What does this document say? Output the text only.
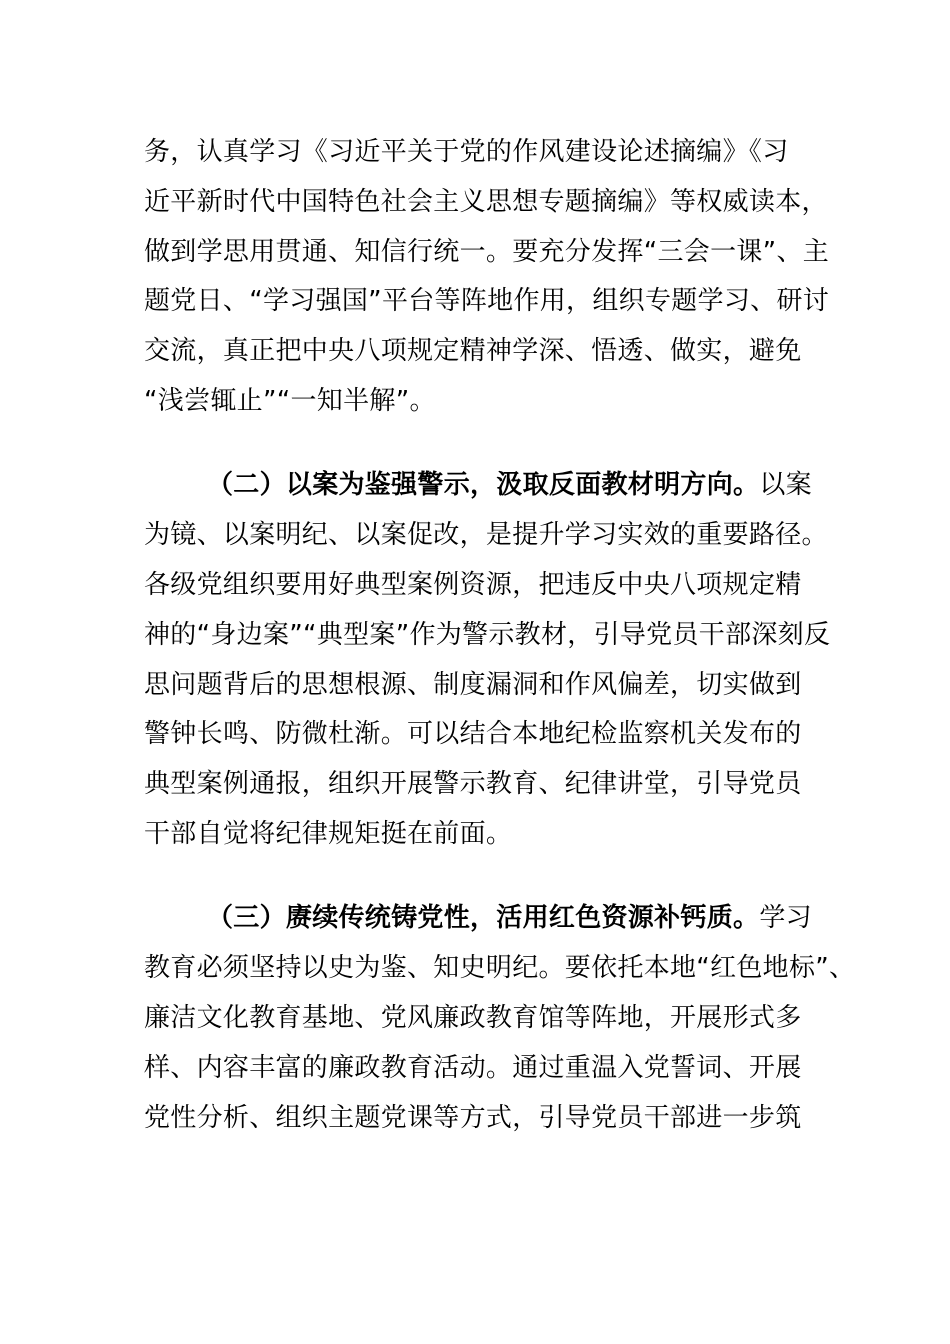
务，认真学习《习近平关于党的作风建设论述摘编》《习
近平新时代中国特色社会主义思想专题摘编》等权威读本，
做到学思用贯通、知信行统一。要充分发挥“三会一课”、主
题党日、“学习强国”平台等阵地作用，组织专题学习、研讨
交流，真正把中央八项规定精神学深、悟透、做实，避免
“浅尝辄止”“一知半解”。
（二）以案为鉴强警示，汲取反面教材明方向。以案
为镜、以案明纪、以案促改，是提升学习实效的重要路径。
各级党组织要用好典型案例资源，把违反中央八项规定精
神的“身边案”“典型案”作为警示教材，引导党员干部深刻反
思问题背后的思想根源、制度漏洞和作风偏差，切实做到
警钟长鸣、防微杜渐。可以结合本地纪检监察机关发布的
典型案例通报，组织开展警示教育、纪律讲堂，引导党员
干部自觉将纪律规矩挺在前面。
（三）赓续传统铸党性，活用红色资源补钙质。学习
教育必须坚持以史为鉴、知史明纪。要依托本地“红色地标”、
廉洁文化教育基地、党风廉政教育馆等阵地，开展形式多
样、内容丰富的廉政教育活动。通过重温入党誓词、开展
党性分析、组织主题党课等方式，引导党员干部进一步筑
